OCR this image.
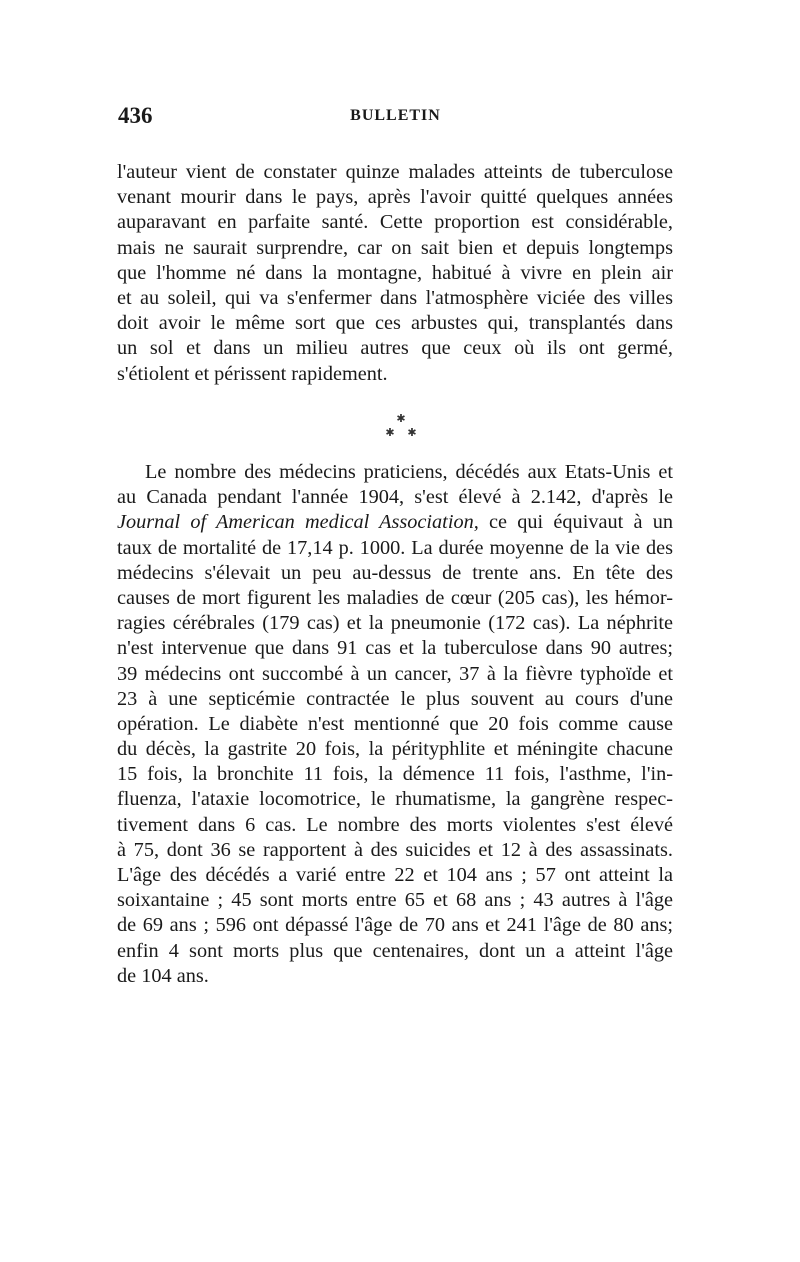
436	BULLETIN
l'auteur vient de constater quinze malades atteints de tuberculose
venant mourir dans le pays, après l'avoir quitté quelques années
auparavant en parfaite santé. Cette proportion est considérable,
mais ne saurait surprendre, car on sait bien et depuis longtemps
que l'homme né dans la montagne, habitué à vivre en plein air
et au soleil, qui va s'enfermer dans l'atmosphère viciée des villes
doit avoir le même sort que ces arbustes qui, transplantés dans
un sol et dans un milieu autres que ceux où ils ont germé,
s'étiolent et périssent rapidement.
✱
✱ ✱
Le nombre des médecins praticiens, décédés aux Etats-Unis et
au Canada pendant l'année 1904, s'est élevé à 2.142, d'après le
Journal of American medical Association, ce qui équivaut à un
taux de mortalité de 17,14 p. 1000. La durée moyenne de la vie des
médecins s'élevait un peu au-dessus de trente ans. En tête des
causes de mort figurent les maladies de cœur (205 cas), les hémor-
ragies cérébrales (179 cas) et la pneumonie (172 cas). La néphrite
n'est intervenue que dans 91 cas et la tuberculose dans 90 autres;
39 médecins ont succombé à un cancer, 37 à la fièvre typhoïde et
23 à une septicémie contractée le plus souvent au cours d'une
opération. Le diabète n'est mentionné que 20 fois comme cause
du décès, la gastrite 20 fois, la pérityphlite et méningite chacune
15 fois, la bronchite 11 fois, la démence 11 fois, l'asthme, l'in-
fluenza, l'ataxie locomotrice, le rhumatisme, la gangrène respec-
tivement dans 6 cas. Le nombre des morts violentes s'est élevé
à 75, dont 36 se rapportent à des suicides et 12 à des assassinats.
L'âge des décédés a varié entre 22 et 104 ans ; 57 ont atteint la
soixantaine ; 45 sont morts entre 65 et 68 ans ; 43 autres à l'âge
de 69 ans ; 596 ont dépassé l'âge de 70 ans et 241 l'âge de 80 ans;
enfin 4 sont morts plus que centenaires, dont un a atteint l'âge
de 104 ans.
